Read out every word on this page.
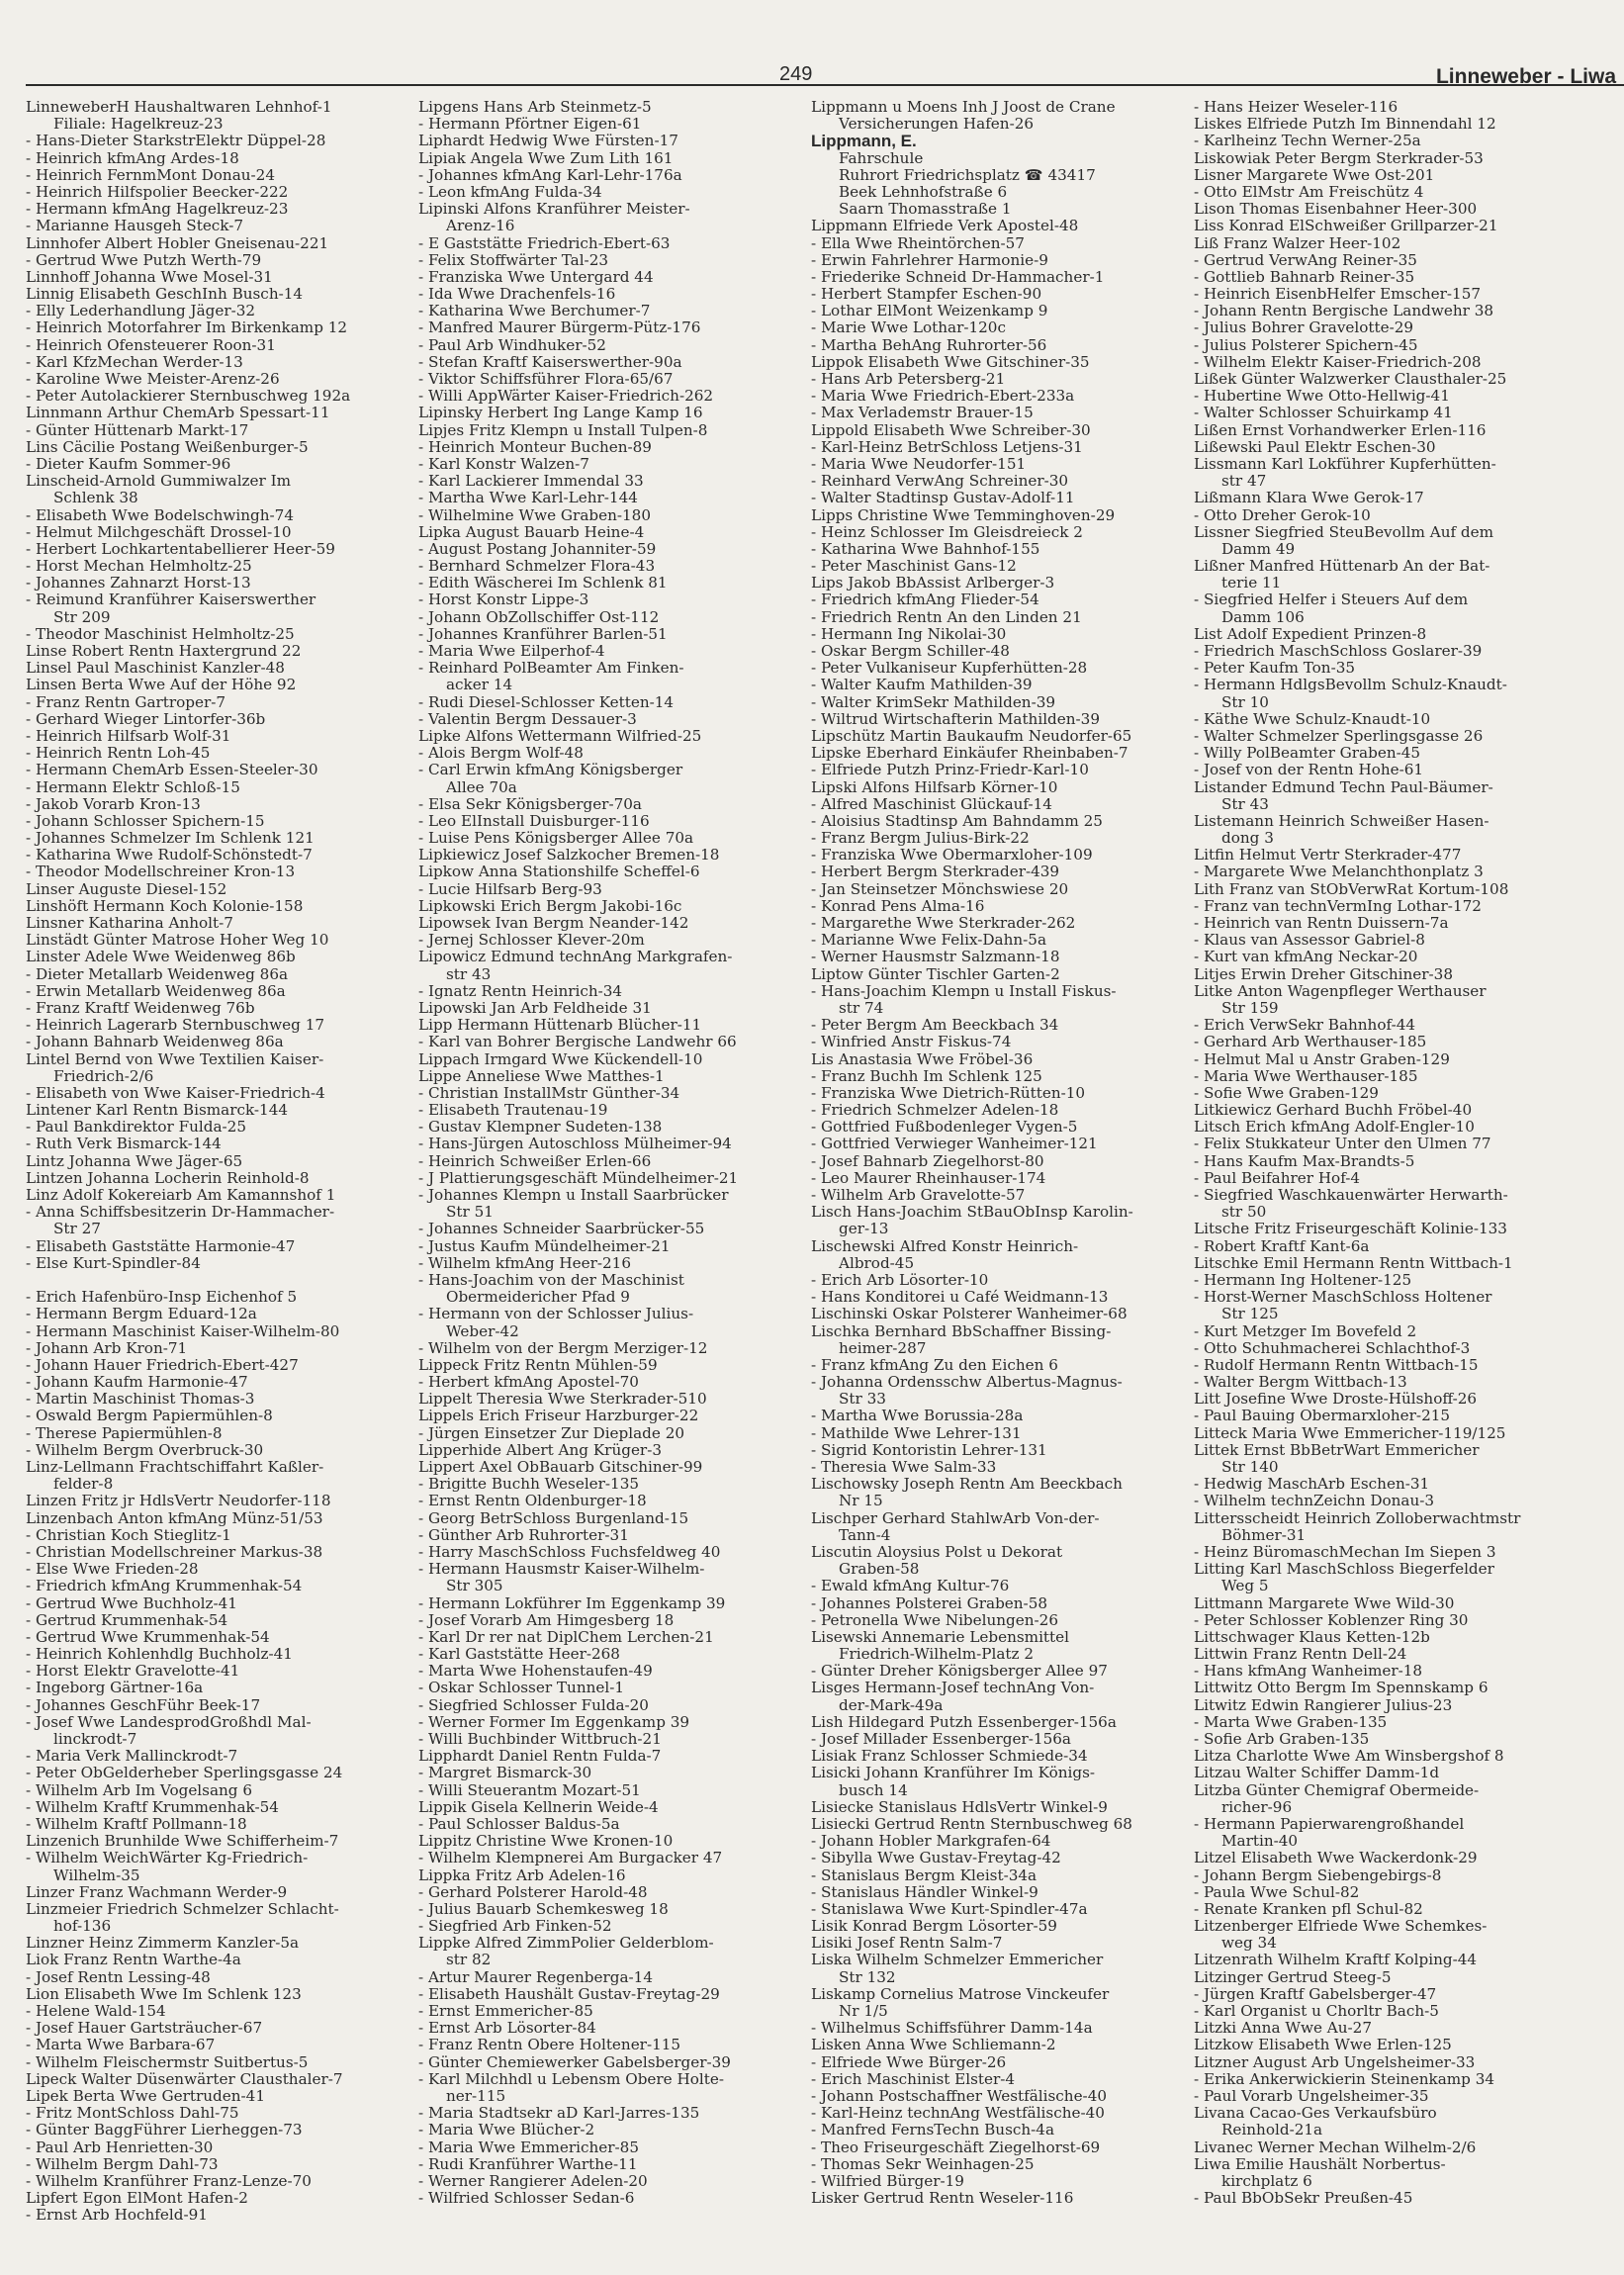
249	Linneweber - Liwa
LinneweberH Haushaltwaren Lehnhof-1
Filiale: Hagelkreuz-23
- Hans-Dieter StarkstrElektr Düppel-28
- Heinrich kfmAng Ardes-18
- Heinrich FernmMont Donau-24
- Heinrich Hilfspolier Beecker-222
- Hermann kfmAng Hagelkreuz-23
- Marianne Hausgeh Steck-7
Linnhofer Albert Hobler Gneisenau-221
- Gertrud Wwe Putzh Werth-79
Linnhoff Johanna Wwe Mosel-31
Linnig Elisabeth GeschInh Busch-14
- Elly Lederhandlung Jäger-32
- Heinrich Motorfahrer Im Birkenkamp 12
- Heinrich Ofensteuerer Roon-31
- Karl KfzMechan Werder-13
- Karoline Wwe Meister-Arenz-26
- Peter Autolackierer Sternbuschweg 192a
Linnmann Arthur ChemArb Spessart-11
- Günter Hüttenarb Markt-17
Lins Cäcilie Postang Weißenburger-5
- Dieter Kaufm Sommer-96
Linscheid-Arnold Gummiwalzer Im
Schlenk 38
- Elisabeth Wwe Bodelschwingh-74
- Helmut Milchgeschäft Drossel-10
- Herbert Lochkartentabellierer Heer-59
- Horst Mechan Helmholtz-25
- Johannes Zahnarzt Horst-13
- Reimund Kranführer Kaiserswerther
Str 209
- Theodor Maschinist Helmholtz-25
Linse Robert Rentn Haxtergrund 22
Linsel Paul Maschinist Kanzler-48
Linsen Berta Wwe Auf der Höhe 92
- Franz Rentn Gartroper-7
- Gerhard Wieger Lintorfer-36b
- Heinrich Hilfsarb Wolf-31
- Heinrich Rentn Loh-45
- Hermann ChemArb Essen-Steeler-30
- Hermann Elektr Schloß-15
- Jakob Vorarb Kron-13
- Johann Schlosser Spichern-15
- Johannes Schmelzer Im Schlenk 121
- Katharina Wwe Rudolf-Schönstedt-7
- Theodor Modellschreiner Kron-13
Linser Auguste Diesel-152
Linshöft Hermann Koch Kolonie-158
Linsner Katharina Anholt-7
Linstädt Günter Matrose Hoher Weg 10
Linster Adele Wwe Weidenweg 86b
- Dieter Metallarb Weidenweg 86a
- Erwin Metallarb Weidenweg 86a
- Franz Kraftf Weidenweg 76b
- Heinrich Lagerarb Sternbuschweg 17
- Johann Bahnarb Weidenweg 86a
Lintel Bernd von Wwe Textilien Kaiser-
Friedrich-2/6
- Elisabeth von Wwe Kaiser-Friedrich-4
Lintener Karl Rentn Bismarck-144
- Paul Bankdirektor Fulda-25
- Ruth Verk Bismarck-144
Lintz Johanna Wwe Jäger-65
Lintzen Johanna Locherin Reinhold-8
Linz Adolf Kokereiarb Am Kamannshof 1
- Anna Schiffsbesitzerin Dr-Hammacher-
Str 27
- Elisabeth Gaststätte Harmonie-47
- Else Kurt-Spindler-84
- Erich Hafenbüro-Insp Eichenhof 5
- Hermann Bergm Eduard-12a
- Hermann Maschinist Kaiser-Wilhelm-80
- Johann Arb Kron-71
- Johann Hauer Friedrich-Ebert-427
- Johann Kaufm Harmonie-47
- Martin Maschinist Thomas-3
- Oswald Bergm Papiermühlen-8
- Therese Papiermühlen-8
- Wilhelm Bergm Overbruck-30
Linz-Lellmann Frachtschiffahrt Kaßler-
felder-8
Linzen Fritz jr HdlsVertr Neudorfer-118
Linzenbach Anton kfmAng Münz-51/53
- Christian Koch Stieglitz-1
- Christian Modellschreiner Markus-38
- Else Wwe Frieden-28
- Friedrich kfmAng Krummenhak-54
- Gertrud Wwe Buchholz-41
- Gertrud Krummenhak-54
- Gertrud Wwe Krummenhak-54
- Heinrich Kohlenhdlg Buchholz-41
- Horst Elektr Gravelotte-41
- Ingeborg Gärtner-16a
- Johannes GeschFühr Beek-17
- Josef Wwe LandesprodGroßhdl Mal-
linckrodt-7
- Maria Verk Mallinckrodt-7
- Peter ObGelderheber Sperlingsgasse 24
- Wilhelm Arb Im Vogelsang 6
- Wilhelm Kraftf Krummenhak-54
- Wilhelm Kraftf Pollmann-18
Linzenich Brunhilde Wwe Schifferheim-7
- Wilhelm WeichWärter Kg-Friedrich-
Wilhelm-35
Linzer Franz Wachmann Werder-9
Linzmeier Friedrich Schmelzer Schlacht-
hof-136
Linzner Heinz Zimmerm Kanzler-5a
Liok Franz Rentn Warthe-4a
- Josef Rentn Lessing-48
Lion Elisabeth Wwe Im Schlenk 123
- Helene Wald-154
- Josef Hauer Gartsträucher-67
- Marta Wwe Barbara-67
- Wilhelm Fleischermstr Suitbertus-5
Lipeck Walter Düsenwärter Clausthaler-7
Lipek Berta Wwe Gertruden-41
- Fritz MontSchloss Dahl-75
- Günter BaggFührer Lierheggen-73
- Paul Arb Henrietten-30
- Wilhelm Bergm Dahl-73
- Wilhelm Kranführer Franz-Lenze-70
Lipfert Egon ElMont Hafen-2
- Ernst Arb Hochfeld-91
Lipgens Hans Arb Steinmetz-5
- Hermann Pförtner Eigen-61
Liphardt Hedwig Wwe Fürsten-17
Lipiak Angela Wwe Zum Lith 161
- Johannes kfmAng Karl-Lehr-176a
- Leon kfmAng Fulda-34
Lipinski Alfons Kranführer Meister-
Arenz-16
- E Gaststätte Friedrich-Ebert-63
- Felix Stoffwärter Tal-23
- Franziska Wwe Untergard 44
- Ida Wwe Drachenfels-16
- Katharina Wwe Berchumer-7
- Manfred Maurer Bürgerm-Pütz-176
- Paul Arb Windhuker-52
- Stefan Kraftf Kaiserswerther-90a
- Viktor Schiffsführer Flora-65/67
- Willi AppWärter Kaiser-Friedrich-262
Lipinsky Herbert Ing Lange Kamp 16
Lipjes Fritz Klempn u Install Tulpen-8
- Heinrich Monteur Buchen-89
- Karl Konstr Walzen-7
- Karl Lackierer Immendal 33
- Martha Wwe Karl-Lehr-144
- Wilhelmine Wwe Graben-180
Lipka August Bauarb Heine-4
- August Postang Johanniter-59
- Bernhard Schmelzer Flora-43
- Edith Wäscherei Im Schlenk 81
- Horst Konstr Lippe-3
- Johann ObZollschiffer Ost-112
- Johannes Kranführer Barlen-51
- Maria Wwe Eilperhof-4
- Reinhard PolBeamter Am Finken-
acker 14
- Rudi Diesel-Schlosser Ketten-14
- Valentin Bergm Dessauer-3
Lipke Alfons Wettermann Wilfried-25
- Alois Bergm Wolf-48
- Carl Erwin kfmAng Königsberger
Allee 70a
- Elsa Sekr Königsberger-70a
- Leo ElInstall Duisburger-116
- Luise Pens Königsberger Allee 70a
Lipkiewicz Josef Salzkocher Bremen-18
Lipkow Anna Stationshilfe Scheffel-6
- Lucie Hilfsarb Berg-93
Lipkowski Erich Bergm Jakobi-16c
Lipowsek Ivan Bergm Neander-142
- Jernej Schlosser Klever-20m
Lipowicz Edmund technAng Markgrafen-
str 43
- Ignatz Rentn Heinrich-34
Lipowski Jan Arb Feldheide 31
Lipp Hermann Hüttenarb Blücher-11
- Karl van Bohrer Bergische Landwehr 66
Lippach Irmgard Wwe Kückendell-10
Lippe Anneliese Wwe Matthes-1
- Christian InstallMstr Günther-34
- Elisabeth Trautenau-19
- Gustav Klempner Sudeten-138
- Hans-Jürgen Autoschloss Mülheimer-94
- Heinrich Schweißer Erlen-66
- J Plattierungsgeschäft Mündelheimer-21
- Johannes Klempn u Install Saarbrücker
Str 51
- Johannes Schneider Saarbrücker-55
- Justus Kaufm Mündelheimer-21
- Wilhelm kfmAng Heer-216
- Hans-Joachim von der Maschinist
Obermeidericher Pfad 9
- Hermann von der Schlosser Julius-
Weber-42
- Wilhelm von der Bergm Merziger-12
Lippeck Fritz Rentn Mühlen-59
- Herbert kfmAng Apostel-70
Lippelt Theresia Wwe Sterkrader-510
Lippels Erich Friseur Harzburger-22
- Jürgen Einsetzer Zur Dieplade 20
Lipperhide Albert Ang Krüger-3
Lippert Axel ObBauarb Gitschiner-99
- Brigitte Buchh Weseler-135
- Ernst Rentn Oldenburger-18
- Georg BetrSchloss Burgenland-15
- Günther Arb Ruhrorter-31
- Harry MaschSchloss Fuchsfeldweg 40
- Hermann Hausmstr Kaiser-Wilhelm-
Str 305
- Hermann Lokführer Im Eggenkamp 39
- Josef Vorarb Am Himgesberg 18
- Karl Dr rer nat DiplChem Lerchen-21
- Karl Gaststätte Heer-268
- Marta Wwe Hohenstaufen-49
- Oskar Schlosser Tunnel-1
- Siegfried Schlosser Fulda-20
- Werner Former Im Eggenkamp 39
- Willi Buchbinder Wittbruch-21
Lipphardt Daniel Rentn Fulda-7
- Margret Bismarck-30
- Willi Steuerantm Mozart-51
Lippik Gisela Kellnerin Weide-4
- Paul Schlosser Baldus-5a
Lippitz Christine Wwe Kronen-10
- Wilhelm Klempnerei Am Burgacker 47
Lippka Fritz Arb Adelen-16
- Gerhard Polsterer Harold-48
- Julius Bauarb Schemkesweg 18
- Siegfried Arb Finken-52
Lippke Alfred ZimmPolier Gelderblom-
str 82
- Artur Maurer Regenberga-14
- Elisabeth Haushält Gustav-Freytag-29
- Ernst Emmericher-85
- Ernst Arb Lösorter-84
- Franz Rentn Obere Holtener-115
- Günter Chemiewerker Gabelsberger-39
- Karl Milchhdl u Lebensm Obere Holte-
ner-115
- Maria Stadtsekr aD Karl-Jarres-135
- Maria Wwe Blücher-2
- Maria Wwe Emmericher-85
- Rudi Kranführer Warthe-11
- Werner Rangierer Adelen-20
- Wilfried Schlosser Sedan-6
Lippmann u Moens Inh J Joost de Crane
Versicherungen Hafen-26
Lippmann, E.
Fahrschule
Ruhrort Friedrichsplatz ☎ 43417
Beek Lehnhofstraße 6
Saarn Thomasstraße 1
Lippmann Elfriede Verk Apostel-48
- Ella Wwe Rheintörchen-57
- Erwin Fahrlehrer Harmonie-9
- Friederike Schneid Dr-Hammacher-1
- Herbert Stampfer Eschen-90
- Lothar ElMont Weizenkamp 9
- Marie Wwe Lothar-120c
- Martha BehAng Ruhrorter-56
Lippok Elisabeth Wwe Gitschiner-35
- Hans Arb Petersberg-21
- Maria Wwe Friedrich-Ebert-233a
- Max Verlademstr Brauer-15
Lippold Elisabeth Wwe Schreiber-30
- Karl-Heinz BetrSchloss Letjens-31
- Maria Wwe Neudorfer-151
- Reinhard VerwAng Schreiner-30
- Walter Stadtinsp Gustav-Adolf-11
Lipps Christine Wwe Temminghoven-29
- Heinz Schlosser Im Gleisdreieck 2
- Katharina Wwe Bahnhof-155
- Peter Maschinist Gans-12
Lips Jakob BbAssist Arlberger-3
- Friedrich kfmAng Flieder-54
- Friedrich Rentn An den Linden 21
- Hermann Ing Nikolai-30
- Oskar Bergm Schiller-48
- Peter Vulkaniseur Kupferhütten-28
- Walter Kaufm Mathilden-39
- Walter KrimSekr Mathilden-39
- Wiltrud Wirtschafterin Mathilden-39
Lipschütz Martin Baukaufm Neudorfer-65
Lipske Eberhard Einkäufer Rheinbaben-7
- Elfriede Putzh Prinz-Friedr-Karl-10
Lipski Alfons Hilfsarb Körner-10
- Alfred Maschinist Glückauf-14
- Aloisius Stadtinsp Am Bahndamm 25
- Franz Bergm Julius-Birk-22
- Franziska Wwe Obermarxloher-109
- Herbert Bergm Sterkrader-439
- Jan Steinsetzer Mönchswiese 20
- Konrad Pens Alma-16
- Margarethe Wwe Sterkrader-262
- Marianne Wwe Felix-Dahn-5a
- Werner Hausmstr Salzmann-18
Liptow Günter Tischler Garten-2
- Hans-Joachim Klempn u Install Fiskus-
str 74
- Peter Bergm Am Beeckbach 34
- Winfried Anstr Fiskus-74
Lis Anastasia Wwe Fröbel-36
- Franz Buchh Im Schlenk 125
- Franziska Wwe Dietrich-Rütten-10
- Friedrich Schmelzer Adelen-18
- Gottfried Fußbodenleger Vygen-5
- Gottfried Verwieger Wanheimer-121
- Josef Bahnarb Ziegelhorst-80
- Leo Maurer Rheinhauser-174
- Wilhelm Arb Gravelotte-57
Lisch Hans-Joachim StBauObInsp Karolin-
ger-13
Lischewski Alfred Konstr Heinrich-
Albrod-45
- Erich Arb Lösorter-10
- Hans Konditorei u Café Weidmann-13
Lischinski Oskar Polsterer Wanheimer-68
Lischka Bernhard BbSchaffner Bissing-
heimer-287
- Franz kfmAng Zu den Eichen 6
- Johanna Ordensschw Albertus-Magnus-
Str 33
- Martha Wwe Borussia-28a
- Mathilde Wwe Lehrer-131
- Sigrid Kontoristin Lehrer-131
- Theresia Wwe Salm-33
Lischowsky Joseph Rentn Am Beeckbach
Nr 15
Lischper Gerhard StahlwArb Von-der-
Tann-4
Liscutin Aloysius Polst u Dekorat
Graben-58
- Ewald kfmAng Kultur-76
- Johannes Polsterei Graben-58
- Petronella Wwe Nibelungen-26
Lisewski Annemarie Lebensmittel
Friedrich-Wilhelm-Platz 2
- Günter Dreher Königsberger Allee 97
Lisges Hermann-Josef technAng Von-
der-Mark-49a
Lish Hildegard Putzh Essenberger-156a
- Josef Millader Essenberger-156a
Lisiak Franz Schlosser Schmiede-34
Lisicki Johann Kranführer Im Königs-
busch 14
Lisiecke Stanislaus HdlsVertr Winkel-9
Lisiecki Gertrud Rentn Sternbuschweg 68
- Johann Hobler Markgrafen-64
- Sibylla Wwe Gustav-Freytag-42
- Stanislaus Bergm Kleist-34a
- Stanislaus Händler Winkel-9
- Stanislawa Wwe Kurt-Spindler-47a
Lisik Konrad Bergm Lösorter-59
Lisiki Josef Rentn Salm-7
Liska Wilhelm Schmelzer Emmericher
Str 132
Liskamp Cornelius Matrose Vinckeufer
Nr 1/5
- Wilhelmus Schiffsführer Damm-14a
Lisken Anna Wwe Schliemann-2
- Elfriede Wwe Bürger-26
- Erich Maschinist Elster-4
- Johann Postschaffner Westfälische-40
- Karl-Heinz technAng Westfälische-40
- Manfred FernsTechn Busch-4a
- Theo Friseurgeschäft Ziegelhorst-69
- Thomas Sekr Weinhagen-25
- Wilfried Bürger-19
Lisker Gertrud Rentn Weseler-116
- Hans Heizer Weseler-116
Liskes Elfriede Putzh Im Binnendahl 12
- Karlheinz Techn Werner-25a
Liskowiak Peter Bergm Sterkrader-53
Lisner Margarete Wwe Ost-201
- Otto ElMstr Am Freischütz 4
Lison Thomas Eisenbahner Heer-300
Liss Konrad ElSchweißer Grillparzer-21
Liß Franz Walzer Heer-102
- Gertrud VerwAng Reiner-35
- Gottlieb Bahnarb Reiner-35
- Heinrich EisenbHelfer Emscher-157
- Johann Rentn Bergische Landwehr 38
- Julius Bohrer Gravelotte-29
- Julius Polsterer Spichern-45
- Wilhelm Elektr Kaiser-Friedrich-208
Lißek Günter Walzwerker Clausthaler-25
- Hubertine Wwe Otto-Hellwig-41
- Walter Schlosser Schuirkamp 41
Lißen Ernst Vorhandwerker Erlen-116
Lißewski Paul Elektr Eschen-30
Lissmann Karl Lokführer Kupferhütten-
str 47
Lißmann Klara Wwe Gerok-17
- Otto Dreher Gerok-10
Lissner Siegfried SteuBevollm Auf dem
Damm 49
Lißner Manfred Hüttenarb An der Bat-
terie 11
- Siegfried Helfer i Steuers Auf dem
Damm 106
List Adolf Expedient Prinzen-8
- Friedrich MaschSchloss Goslarer-39
- Peter Kaufm Ton-35
- Hermann HdlgsBevollm Schulz-Knaudt-
Str 10
- Käthe Wwe Schulz-Knaudt-10
- Walter Schmelzer Sperlingsgasse 26
- Willy PolBeamter Graben-45
- Josef von der Rentn Hohe-61
Listander Edmund Techn Paul-Bäumer-
Str 43
Listemann Heinrich Schweißer Hasen-
dong 3
Litfin Helmut Vertr Sterkrader-477
- Margarete Wwe Melanchthonplatz 3
Lith Franz van StObVerwRat Kortum-108
- Franz van technVermIng Lothar-172
- Heinrich van Rentn Duissern-7a
- Klaus van Assessor Gabriel-8
- Kurt van kfmAng Neckar-20
Litjes Erwin Dreher Gitschiner-38
Litke Anton Wagenpfleger Werthauser
Str 159
- Erich VerwSekr Bahnhof-44
- Gerhard Arb Werthauser-185
- Helmut Mal u Anstr Graben-129
- Maria Wwe Werthauser-185
- Sofie Wwe Graben-129
Litkiewicz Gerhard Buchh Fröbel-40
Litsch Erich kfmAng Adolf-Engler-10
- Felix Stukkateur Unter den Ulmen 77
- Hans Kaufm Max-Brandts-5
- Paul Beifahrer Hof-4
- Siegfried Waschkauenwärter Herwarth-
str 50
Litsche Fritz Friseurgeschäft Kolinie-133
- Robert Kraftf Kant-6a
Litschke Emil Hermann Rentn Wittbach-1
- Hermann Ing Holtener-125
- Horst-Werner MaschSchloss Holtener
Str 125
- Kurt Metzger Im Bovefeld 2
- Otto Schuhmacherei Schlachthof-3
- Rudolf Hermann Rentn Wittbach-15
- Walter Bergm Wittbach-13
Litt Josefine Wwe Droste-Hülshoff-26
- Paul Bauing Obermarxloher-215
Litteck Maria Wwe Emmericher-119/125
Littek Ernst BbBetrWart Emmericher
Str 140
- Hedwig MaschArb Eschen-31
- Wilhelm technZeichn Donau-3
Littersscheidt Heinrich Zolloberwachtmstr
Böhmer-31
- Heinz BüromaschMechan Im Siepen 3
Litting Karl MaschSchloss Biegerfelder
Weg 5
Littmann Margarete Wwe Wild-30
- Peter Schlosser Koblenzer Ring 30
Littschwager Klaus Ketten-12b
Littwin Franz Rentn Dell-24
- Hans kfmAng Wanheimer-18
Littwitz Otto Bergm Im Spennskamp 6
Litwitz Edwin Rangierer Julius-23
- Marta Wwe Graben-135
- Sofie Arb Graben-135
Litza Charlotte Wwe Am Winsbergshof 8
Litzau Walter Schiffer Damm-1d
Litzba Günter Chemigraf Obermeide-
richer-96
- Hermann Papierwarengroßhandel
Martin-40
Litzel Elisabeth Wwe Wackerdonk-29
- Johann Bergm Siebengebirgs-8
- Paula Wwe Schul-82
- Renate Kranken pfl Schul-82
Litzenberger Elfriede Wwe Schemkes-
weg 34
Litzenrath Wilhelm Kraftf Kolping-44
Litzinger Gertrud Steeg-5
- Jürgen Kraftf Gabelsberger-47
- Karl Organist u Chorltr Bach-5
Litzki Anna Wwe Au-27
Litzkow Elisabeth Wwe Erlen-125
Litzner August Arb Ungelsheimer-33
- Erika Ankerwickierin Steinenkamp 34
- Paul Vorarb Ungelsheimer-35
Livana Cacao-Ges Verkaufsbüro
Reinhold-21a
Livanec Werner Mechan Wilhelm-2/6
Liwa Emilie Haushält Norbertus-
kirchplatz 6
- Paul BbObSekr Preußen-45
